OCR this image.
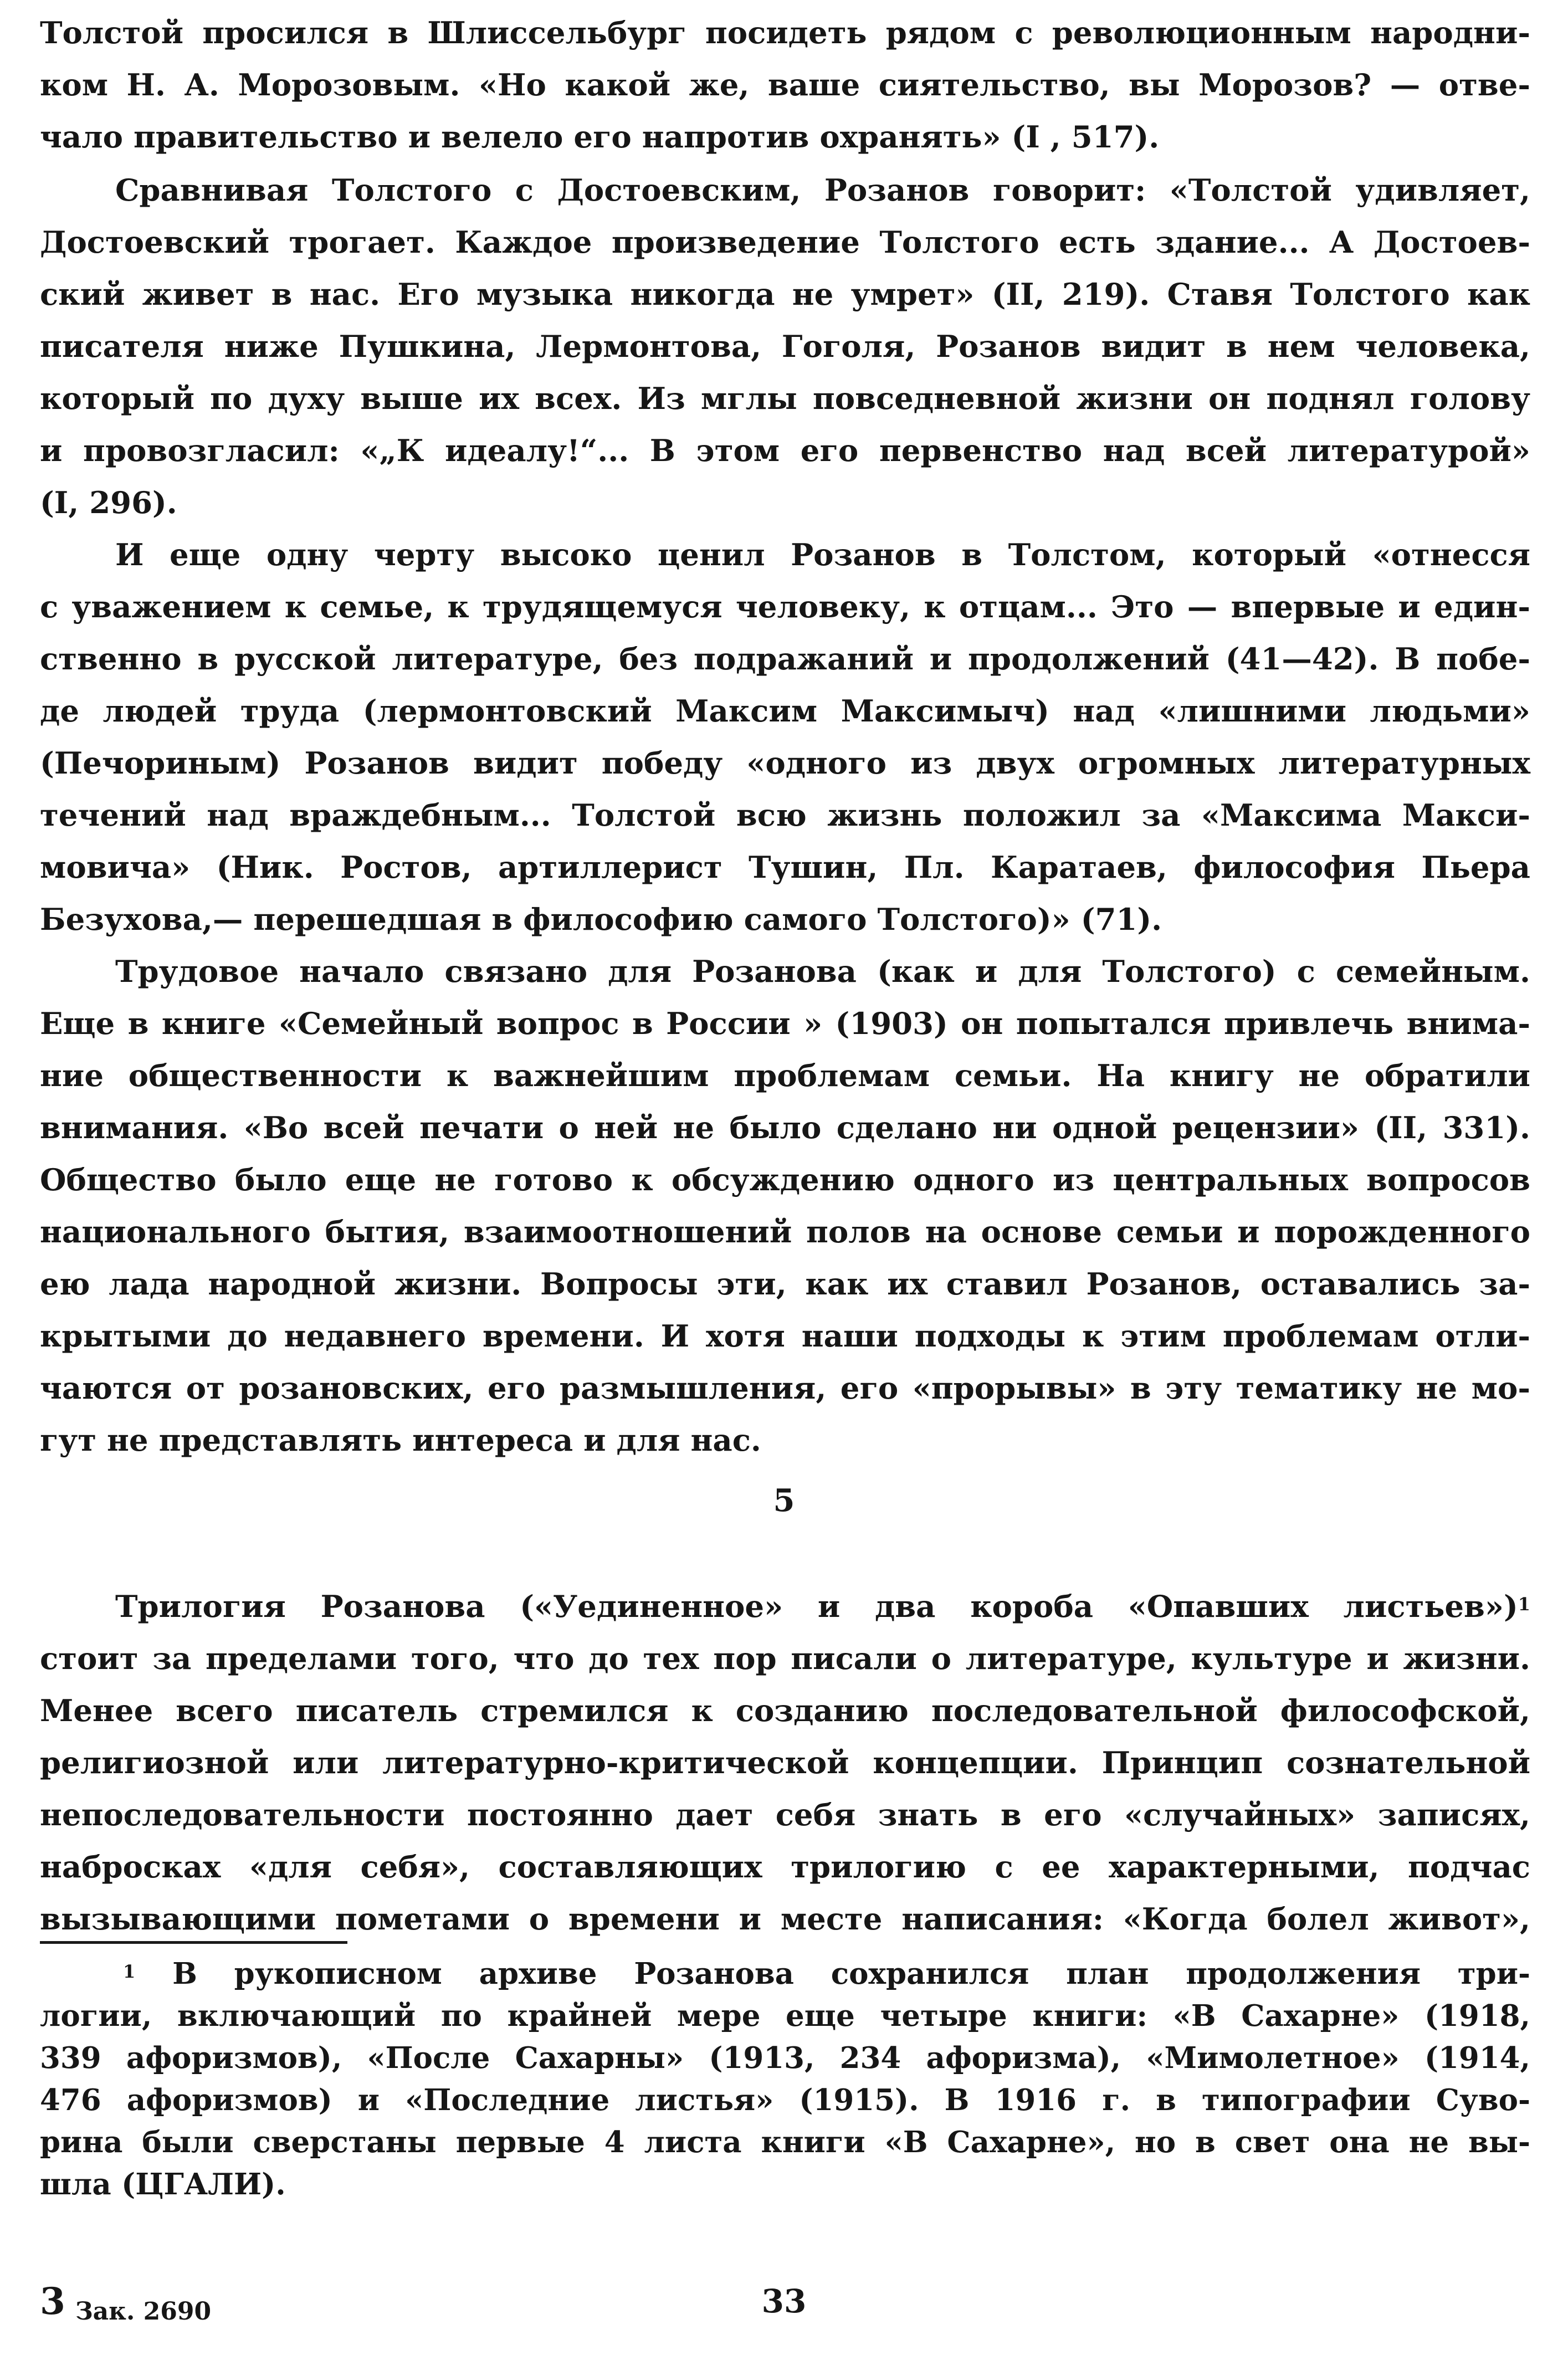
Толстой просился в Шлиссельбург посидеть рядом с революционным народни-
ком Н. А. Морозовым. «Но какой же, ваше сиятельство, вы Морозов? — отве-
чало правительство и велело его напротив охранять» (I , 517).
Сравнивая Толстого с Достоевским, Розанов говорит: «Толстой удивляет,
Достоевский трогает. Каждое произведение Толстого есть здание... А Достоев-
ский живет в нас. Его музыка никогда не умрет» (II, 219). Ставя Толстого как
писателя ниже Пушкина, Лермонтова, Гоголя, Розанов видит в нем человека,
который по духу выше их всех. Из мглы повседневной жизни он поднял голову
и провозгласил: «„К идеалу!“... В этом его первенство над всей литературой»
(I, 296).
И еще одну черту высоко ценил Розанов в Толстом, который «отнесся
с уважением к семье, к трудящемуся человеку, к отцам... Это — впервые и един-
ственно в русской литературе, без подражаний и продолжений (41—42). В побе-
де людей труда (лермонтовский Максим Максимыч) над «лишними людьми»
(Печориным) Розанов видит победу «одного из двух огромных литературных
течений над враждебным... Толстой всю жизнь положил за «Максима Макси-
мовича» (Ник. Ростов, артиллерист Тушин, Пл. Каратаев, философия Пьера
Безухова,— перешедшая в философию самого Толстого)» (71).
Трудовое начало связано для Розанова (как и для Толстого) с семейным.
Еще в книге «Семейный вопрос в России » (1903) он попытался привлечь внима-
ние общественности к важнейшим проблемам семьи. На книгу не обратили
внимания. «Во всей печати о ней не было сделано ни одной рецензии» (II, 331).
Общество было еще не готово к обсуждению одного из центральных вопросов
национального бытия, взаимоотношений полов на основе семьи и порожденного
ею лада народной жизни. Вопросы эти, как их ставил Розанов, оставались за-
крытыми до недавнего времени. И хотя наши подходы к этим проблемам отли-
чаются от розановских, его размышления, его «прорывы» в эту тематику не мо-
гут не представлять интереса и для нас.
5
Трилогия Розанова («Уединенное» и два короба «Опавших листьев»)$^1$
стоит за пределами того, что до тех пор писали о литературе, культуре и жизни.
Менее всего писатель стремился к созданию последовательной философской,
религиозной или литературно-критической концепции. Принцип сознательной
непоследовательности постоянно дает себя знать в его «случайных» записях,
набросках «для себя», составляющих трилогию с ее характерными, подчас
вызывающими пометами о времени и месте написания: «Когда болел живот»,
$^1$ В рукописном архиве Розанова сохранился план продолжения три-
логии, включающий по крайней мере еще четыре книги: «В Сахарне» (1918,
339 афоризмов), «После Сахарны» (1913, 234 афоризма), «Мимолетное» (1914,
476 афоризмов) и «Последние листья» (1915). В 1916 г. в типографии Суво-
рина были сверстаны первые 4 листа книги «В Сахарне», но в свет она не вы-
шла (ЦГАЛИ).
3 Зак. 2690	33
